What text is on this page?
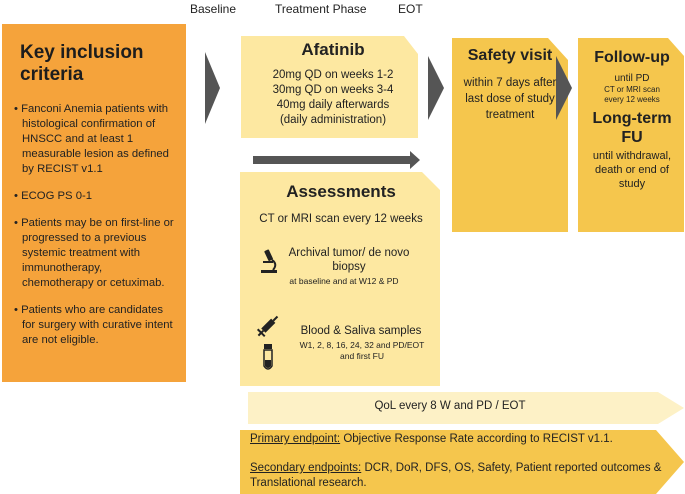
Baseline	Treatment Phase	EOT
Key inclusion criteria
• Fanconi Anemia patients with histological confirmation of HNSCC and at least 1 measurable lesion as defined by RECIST v1.1
• ECOG PS 0-1
• Patients may be on first-line or progressed to a previous systemic treatment with immunotherapy, chemotherapy or cetuximab.
• Patients who are candidates for surgery with curative intent are not eligible.
Afatinib
20mg QD on weeks 1-2
30mg QD on weeks 3-4
40mg daily afterwards
(daily administration)
Assessments
CT or MRI scan every 12 weeks
Archival tumor/ de novo biopsy
at baseline and at W12 & PD
Blood & Saliva samples
W1, 2, 8, 16, 24, 32 and PD/EOT and first FU
Safety visit
within 7 days after last dose of study treatment
Follow-up
until PD
CT or MRI scan every 12 weeks
Long-term FU
until withdrawal, death or end of study
QoL every 8 W and PD / EOT
Primary endpoint: Objective Response Rate according to RECIST v1.1.
Secondary endpoints: DCR, DoR, DFS, OS, Safety, Patient reported outcomes & Translational research.
